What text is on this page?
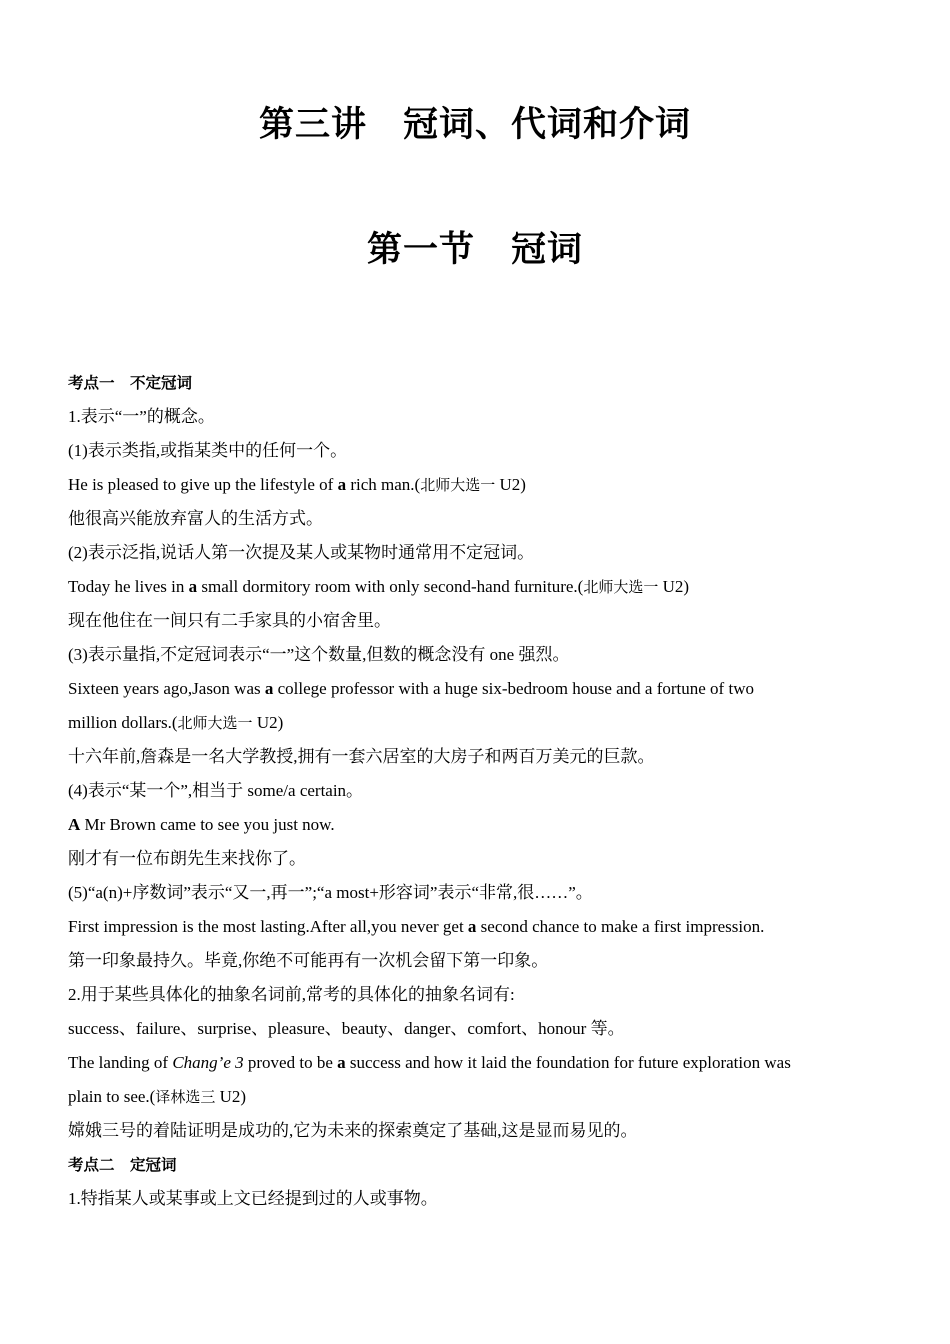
第三讲　冠词、代词和介词
第一节　冠词
考点一　不定冠词
1.表示“一”的概念。
(1)表示类指,或指某类中的任何一个。
He is pleased to give up the lifestyle of a rich man.(北师大选一 U2)
他很高兴能放弃富人的生活方式。
(2)表示泛指,说话人第一次提及某人或某物时通常用不定冠词。
Today he lives in a small dormitory room with only second-hand furniture.(北师大选一 U2)
现在他住在一间只有二手家具的小宿舍里。
(3)表示量指,不定冠词表示“一”这个数量,但数的概念没有 one 强烈。
Sixteen years ago,Jason was a college professor with a huge six-bedroom house and a fortune of two
million dollars.(北师大选一 U2)
十六年前,詹森是一名大学教授,拥有一套六居室的大房子和两百万美元的巨款。
(4)表示“某一个”,相当于 some/a certain。
A Mr Brown came to see you just now.
刚才有一位布朗先生来找你了。
(5)“a(n)+序数词”表示“又一,再一”;“a most+形容词”表示“非常,很……”。
First impression is the most lasting.After all,you never get a second chance to make a first impression.
第一印象最持久。毕竟,你绝不可能再有一次机会留下第一印象。
2.用于某些具体化的抽象名词前,常考的具体化的抽象名词有:
success、failure、surprise、pleasure、beauty、danger、comfort、honour 等。
The landing of Chang’e 3 proved to be a success and how it laid the foundation for future exploration was
plain to see.(译林选三 U2)
嫦娥三号的着陆证明是成功的,它为未来的探索奠定了基础,这是显而易见的。
考点二　定冠词
1.特指某人或某事或上文已经提到过的人或事物。
